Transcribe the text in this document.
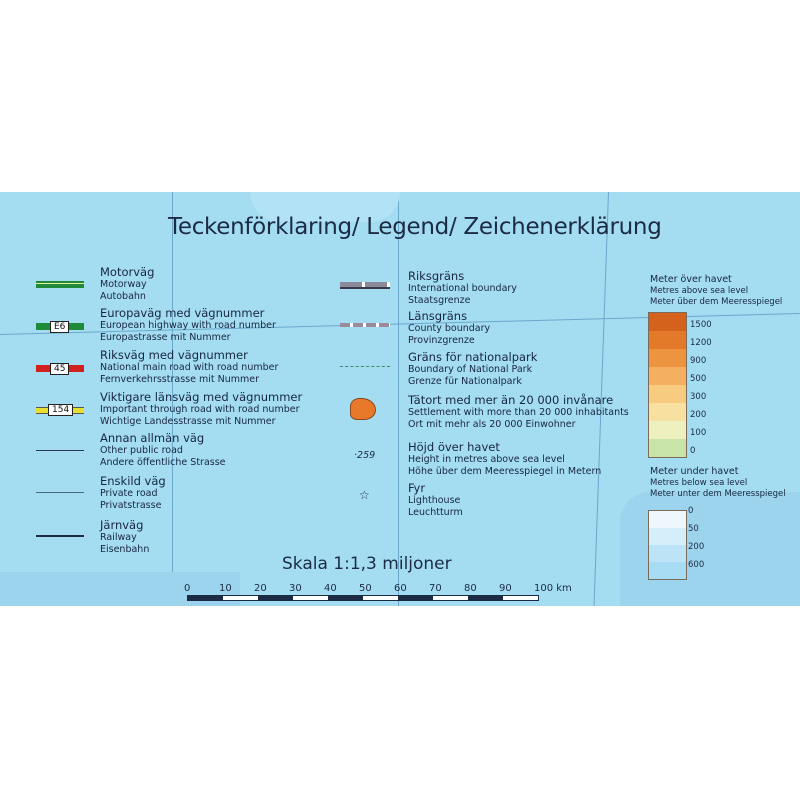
Teckenförklaring/ Legend/ Zeichenerklärung
E6
45
154
Motorväg
Motorway
Autobahn
Europaväg med vägnummer
European highway with road number
Europastrasse mit Nummer
Riksväg med vägnummer
National main road with road number
Fernverkehrsstrasse mit Nummer
Viktigare länsväg med vägnummer
Important through road with road number
Wichtige Landesstrasse mit Nummer
Annan allmän väg
Other public road
Andere öffentliche Strasse
Enskild väg
Private road
Privatstrasse
Järnväg
Railway
Eisenbahn
·259
☆
Riksgräns
International boundary
Staatsgrenze
Länsgräns
County boundary
Provinzgrenze
Gräns för nationalpark
Boundary of National Park
Grenze für Nationalpark
Tätort med mer än 20 000 invånare
Settlement with more than 20 000 inhabitants
Ort mit mehr als 20 000 Einwohner
Höjd över havet
Height in metres above sea level
Höhe über dem Meeresspiegel in Metern
Fyr
Lighthouse
Leuchtturm
Meter över havet
Metres above sea level
Meter über dem Meeresspiegel
1500
1200
900
500
300
200
100
0
Meter under havet
Metres below sea level
Meter unter dem Meeresspiegel
0
50
200
600
Skala 1:1,3 miljoner
0	10 20 30 40 50 60 70 80 90 100 km
